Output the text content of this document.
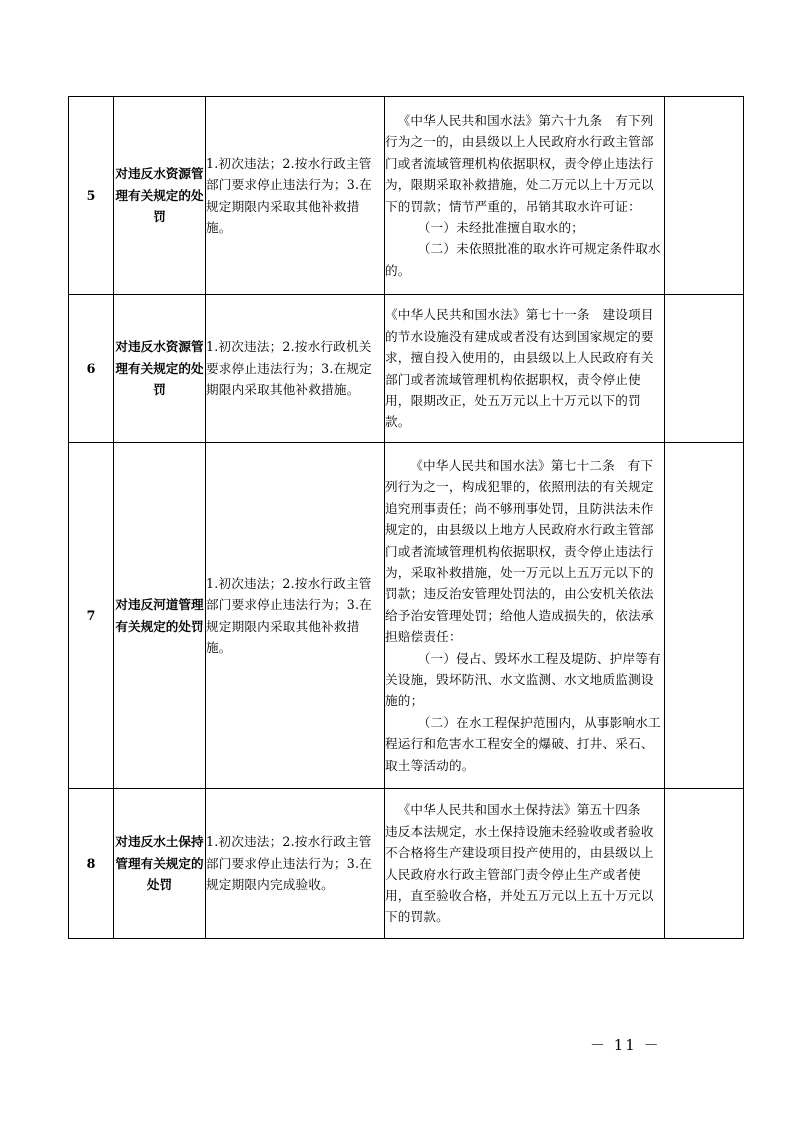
5	对违反水资源管理有关规定的处罚	1.初次违法；2.按水行政主管部门要求停止违法行为；3.在规定期限内采取其他补救措施。	《中华人民共和国水法》第六十九条　有下列行为之一的，由县级以上人民政府水行政主管部门或者流域管理机构依据职权，责令停止违法行为，限期采取补救措施，处二万元以上十万元以下的罚款；情节严重的，吊销其取水许可证：

（一）未经批准擅自取水的；

（二）未依照批准的取水许可规定条件取水的。	

6	对违反水资源管理有关规定的处罚	1.初次违法；2.按水行政机关要求停止违法行为；3.在规定期限内采取其他补救措施。	《中华人民共和国水法》第七十一条　建设项目的节水设施没有建成或者没有达到国家规定的要求，擅自投入使用的，由县级以上人民政府有关部门或者流域管理机构依据职权，责令停止使用，限期改正，处五万元以上十万元以下的罚款。	

7	对违反河道管理有关规定的处罚	1.初次违法；2.按水行政主管部门要求停止违法行为；3.在规定期限内采取其他补救措施。	《中华人民共和国水法》第七十二条　有下列行为之一，构成犯罪的，依照刑法的有关规定追究刑事责任；尚不够刑事处罚，且防洪法未作规定的，由县级以上地方人民政府水行政主管部门或者流域管理机构依据职权，责令停止违法行为，采取补救措施，处一万元以上五万元以下的罚款；违反治安管理处罚法的，由公安机关依法给予治安管理处罚；给他人造成损失的，依法承担赔偿责任：

（一）侵占、毁坏水工程及堤防、护岸等有关设施，毁坏防汛、水文监测、水文地质监测设施的；

（二）在水工程保护范围内，从事影响水工程运行和危害水工程安全的爆破、打井、采石、取土等活动的。	

8	对违反水土保持管理有关规定的处罚	1.初次违法；2.按水行政主管部门要求停止违法行为；3.在规定期限内完成验收。	《中华人民共和国水土保持法》第五十四条　违反本法规定，水土保持设施未经验收或者验收不合格将生产建设项目投产使用的，由县级以上人民政府水行政主管部门责令停止生产或者使用，直至验收合格，并处五万元以上五十万元以下的罚款。	

－ 11 －
